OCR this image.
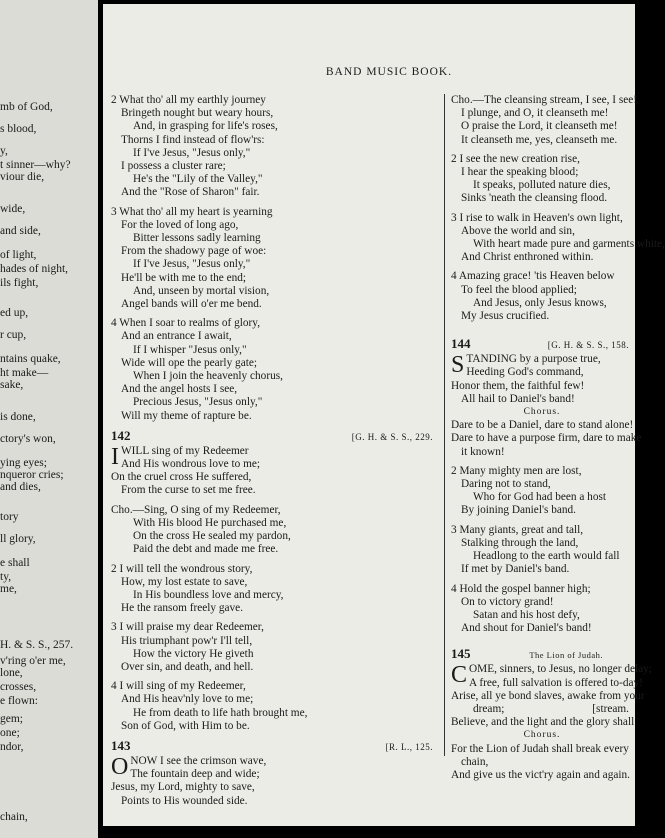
mb of God,
s blood,
y,
t sinner—why?
viour die,
wide,
and side,
of light,
hades of night,
ils fight,
ed up,
r cup,
ntains quake,
ht make—
sake,
is done,
ctory's won,
ying eyes;
nqueror cries;
and dies,
tory
ll glory,
e shall
ty,
me,
H. & S. S., 257.
v'ring o'er me,
lone,
crosses,
e flown:
gem;
one;
ndor,
chain,
BAND MUSIC BOOK.
2 What tho' all my earthly journey
Bringeth nought but weary hours,
And, in grasping for life's roses,
Thorns I find instead of flow'rs:
If I've Jesus, "Jesus only,"
I possess a cluster rare;
He's the "Lily of the Valley,"
And the "Rose of Sharon" fair.
3 What tho' all my heart is yearning
For the loved of long ago,
Bitter lessons sadly learning
From the shadowy page of woe:
If I've Jesus, "Jesus only,"
He'll be with me to the end;
And, unseen by mortal vision,
Angel bands will o'er me bend.
4 When I soar to realms of glory,
And an entrance I await,
If I whisper "Jesus only,"
Wide will ope the pearly gate;
When I join the heavenly chorus,
And the angel hosts I see,
Precious Jesus, "Jesus only,"
Will my theme of rapture be.
142	[G. H. & S. S., 229.
I WILL sing of my Redeemer
And His wondrous love to me;
On the cruel cross He suffered,
From the curse to set me free.
Cho.—Sing, O sing of my Redeemer,
With His blood He purchased me,
On the cross He sealed my pardon,
Paid the debt and made me free.
2 I will tell the wondrous story,
How, my lost estate to save,
In His boundless love and mercy,
He the ransom freely gave.
3 I will praise my dear Redeemer,
His triumphant pow'r I'll tell,
How the victory He giveth
Over sin, and death, and hell.
4 I will sing of my Redeemer,
And His heav'nly love to me;
He from death to life hath brought me,
Son of God, with Him to be.
143	[R. L., 125.
O NOW I see the crimson wave,
The fountain deep and wide;
Jesus, my Lord, mighty to save,
Points to His wounded side.
Cho.—The cleansing stream, I see, I see!
I plunge, and O, it cleanseth me!
O praise the Lord, it cleanseth me!
It cleanseth me, yes, cleanseth me.
2 I see the new creation rise,
I hear the speaking blood;
It speaks, polluted nature dies,
Sinks 'neath the cleansing flood.
3 I rise to walk in Heaven's own light,
Above the world and sin,
With heart made pure and garments white,
And Christ enthroned within.
4 Amazing grace! 'tis Heaven below
To feel the blood applied;
And Jesus, only Jesus knows,
My Jesus crucified.
144	[G. H. & S. S., 158.
S TANDING by a purpose true,
Heeding God's command,
Honor them, the faithful few!
All hail to Daniel's band!
Chorus.
Dare to be a Daniel, dare to stand alone!
Dare to have a purpose firm, dare to make
it known!
2 Many mighty men are lost,
Daring not to stand,
Who for God had been a host
By joining Daniel's band.
3 Many giants, great and tall,
Stalking through the land,
Headlong to the earth would fall
If met by Daniel's band.
4 Hold the gospel banner high;
On to victory grand!
Satan and his host defy,
And shout for Daniel's band!
145	The Lion of Judah.
C OME, sinners, to Jesus, no longer delay;
A free, full salvation is offered to-day!
Arise, all ye bond slaves, awake from your
dream;	[stream.
Believe, and the light and the glory shall
Chorus.
For the Lion of Judah shall break every
chain,
And give us the vict'ry again and again.
